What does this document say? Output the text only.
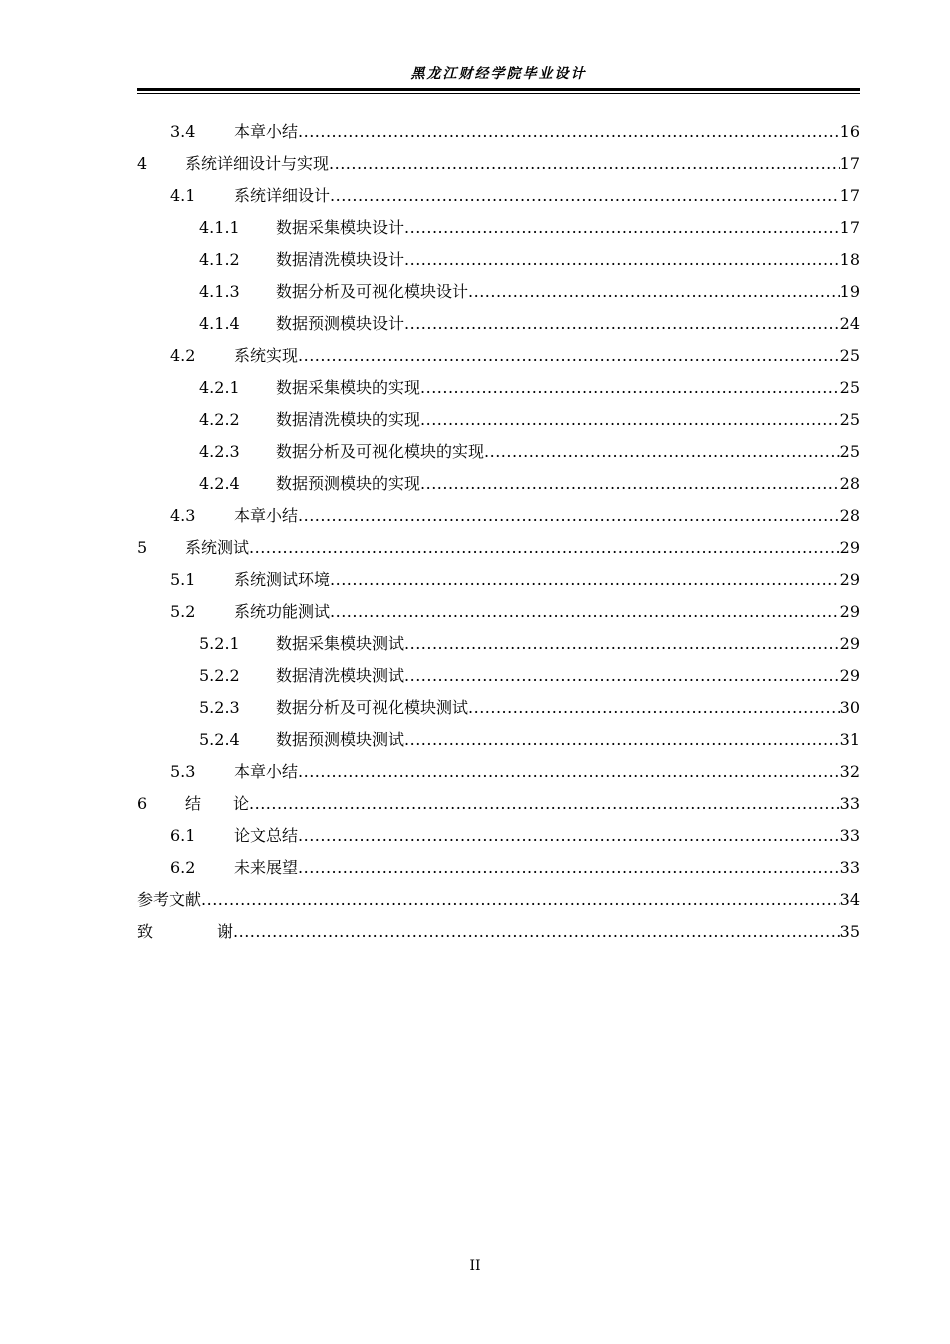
黑龙江财经学院毕业设计
3.4	本章小结 .....	16
4	系统详细设计与实现 .....	17
4.1	系统详细设计 .....	17
4.1.1	数据采集模块设计 .....	17
4.1.2	数据清洗模块设计 .....	18
4.1.3	数据分析及可视化模块设计 .....	19
4.1.4	数据预测模块设计 .....	24
4.2	系统实现 .....	25
4.2.1	数据采集模块的实现 .....	25
4.2.2	数据清洗模块的实现 .....	25
4.2.3	数据分析及可视化模块的实现 .....	25
4.2.4	数据预测模块的实现 .....	28
4.3	本章小结 .....	28
5	系统测试 .....	29
5.1	系统测试环境 .....	29
5.2	系统功能测试 .....	29
5.2.1	数据采集模块测试 .....	29
5.2.2	数据清洗模块测试 .....	29
5.2.3	数据分析及可视化模块测试 .....	30
5.2.4	数据预测模块测试 .....	31
5.3	本章小结 .....	32
6	结　　论 .....	33
6.1	论文总结 .....	33
6.2	未来展望 .....	33
参考文献 .....	34
致　　　　谢 .....	35
II
